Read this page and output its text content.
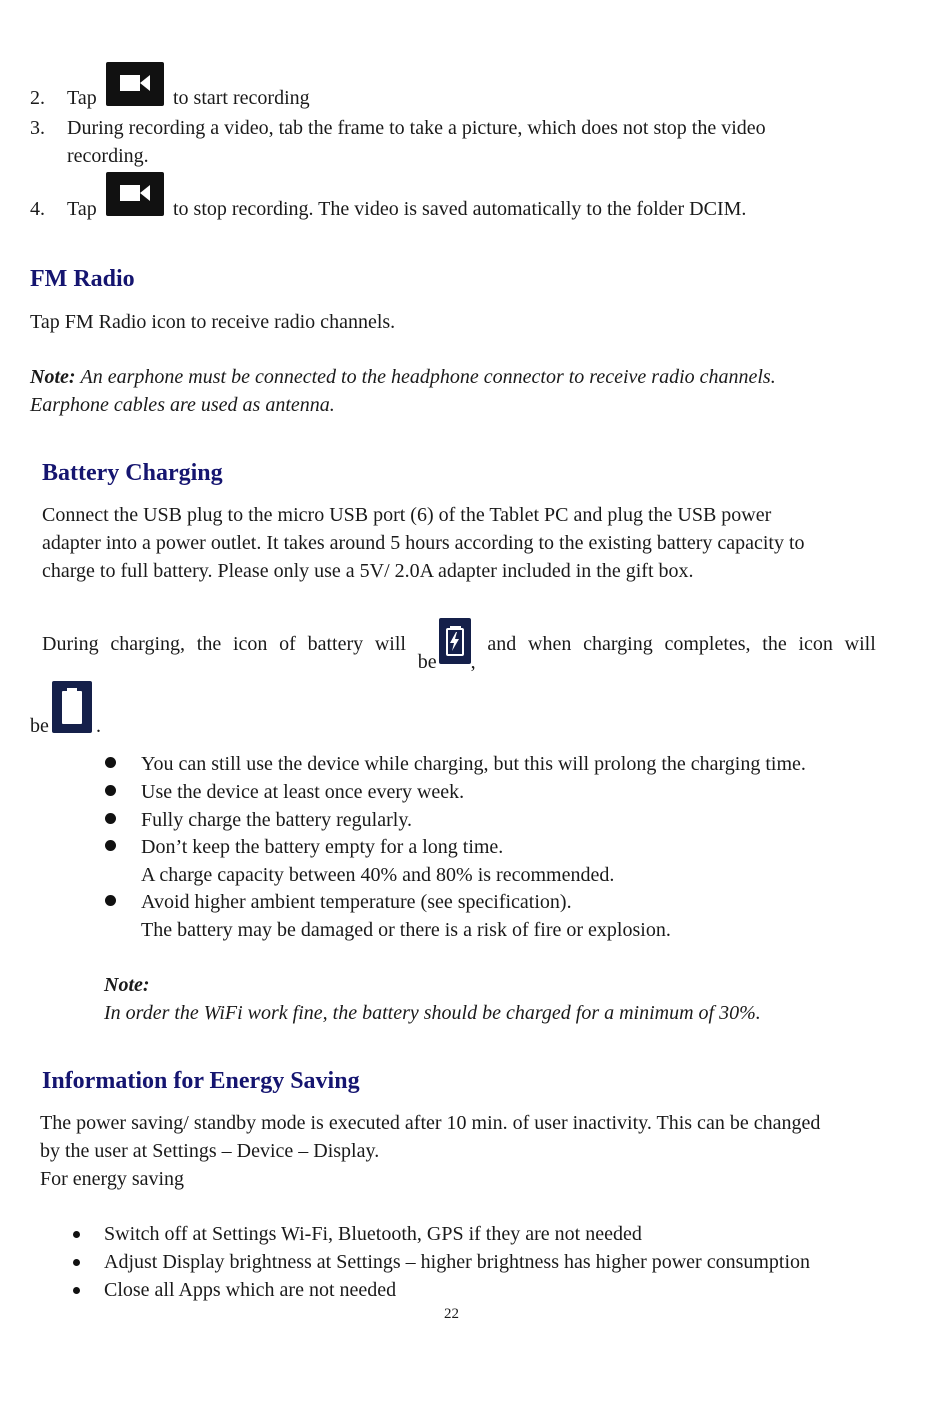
2. Tap	to start recording
3. During recording a video, tab the frame to take a picture, which does not stop the video
recording.
4. Tap	to stop recording. The video is saved automatically to the folder DCIM.
FM Radio
Tap FM Radio icon to receive radio channels.
Note: An earphone must be connected to the headphone connector to receive radio channels.
Earphone cables are used as antenna.
Battery Charging
Connect the USB plug to the micro USB port (6) of the Tablet PC and plug the USB power
adapter into a power outlet. It takes around 5 hours according to the existing battery capacity to
charge to full battery. Please only use a 5V/ 2.0A adapter included in the gift box.
During charging, the icon of battery will
be ,
and when charging completes, the icon will
be .
You can still use the device while charging, but this will prolong the charging time.
Use the device at least once every week.
Fully charge the battery regularly.
Don’t keep the battery empty for a long time.
A charge capacity between 40% and 80% is recommended.
Avoid higher ambient temperature (see specification).
The battery may be damaged or there is a risk of fire or explosion.
Note:
In order the WiFi work fine, the battery should be charged for a minimum of 30%.
Information for Energy Saving
The power saving/ standby mode is executed after 10 min. of user inactivity. This can be changed
by the user at Settings – Device – Display.
For energy saving
Switch off at Settings Wi-Fi, Bluetooth, GPS if they are not needed
Adjust Display brightness at Settings – higher brightness has higher power consumption
Close all Apps which are not needed
22
